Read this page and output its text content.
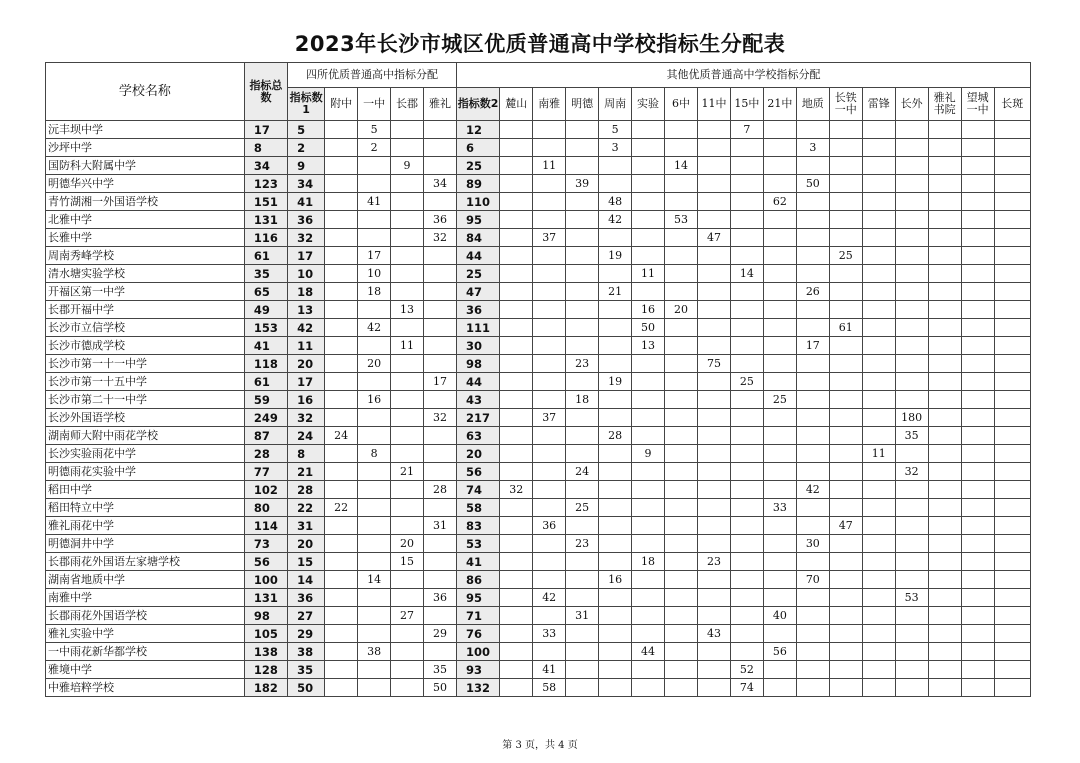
2023年长沙市城区优质普通高中学校指标生分配表
学校名称	指标总数	四所优质普通高中指标分配					其他优质普通高中学校指标分配																
		指标数1	附中	一中	长郡	雅礼	指标数2	麓山	南雅	明德	周南	实验	6中	11中	15中	21中	地质	长铁一中	雷锋	长外	雅礼书院	望城一中	长斑
沅丰坝中学	17	5		5			12				5				7								
沙坪中学	8	2		2			6				3						3						
国防科大附属中学	34	9			9		25		11				14										
明德华兴中学	123	34				34	89			39							50						
青竹湖湘一外国语学校	151	41		41			110				48					62							
北雅中学	131	36				36	95				42		53										
长雅中学	116	32				32	84		37					47									
周南秀峰学校	61	17		17			44				19							25					
清水塘实验学校	35	10		10			25					11			14								
开福区第一中学	65	18		18			47				21						26						
长郡开福中学	49	13			13		36					16	20										
长沙市立信学校	153	42		42			111					50						61					
长沙市德成学校	41	11			11		30					13					17						
长沙市第一十一中学	118	20		20			98			23				75									
长沙市第一十五中学	61	17				17	44				19				25								
长沙市第二十一中学	59	16		16			43			18						25							
长沙外国语学校	249	32				32	217		37											180			
湖南师大附中雨花学校	87	24	24				63				28									35			
长沙实验雨花中学	28	8		8			20					9							11				
明德雨花实验中学	77	21			21		56			24										32			
稻田中学	102	28				28	74	32									42						
稻田特立中学	80	22	22				58			25						33							
雅礼雨花中学	114	31				31	83		36									47					
明德洞井中学	73	20			20		53			23							30						
长郡雨花外国语左家塘学校	56	15			15		41					18		23									
湖南省地质中学	100	14		14			86				16						70						
南雅中学	131	36				36	95		42											53			
长郡雨花外国语学校	98	27			27		71			31						40							
雅礼实验中学	105	29				29	76		33					43									
一中雨花新华都学校	138	38		38			100					44				56							
雅境中学	128	35				35	93		41						52								
中雅培粹学校	182	50				50	132		58						74								
第 3 页，共 4 页
